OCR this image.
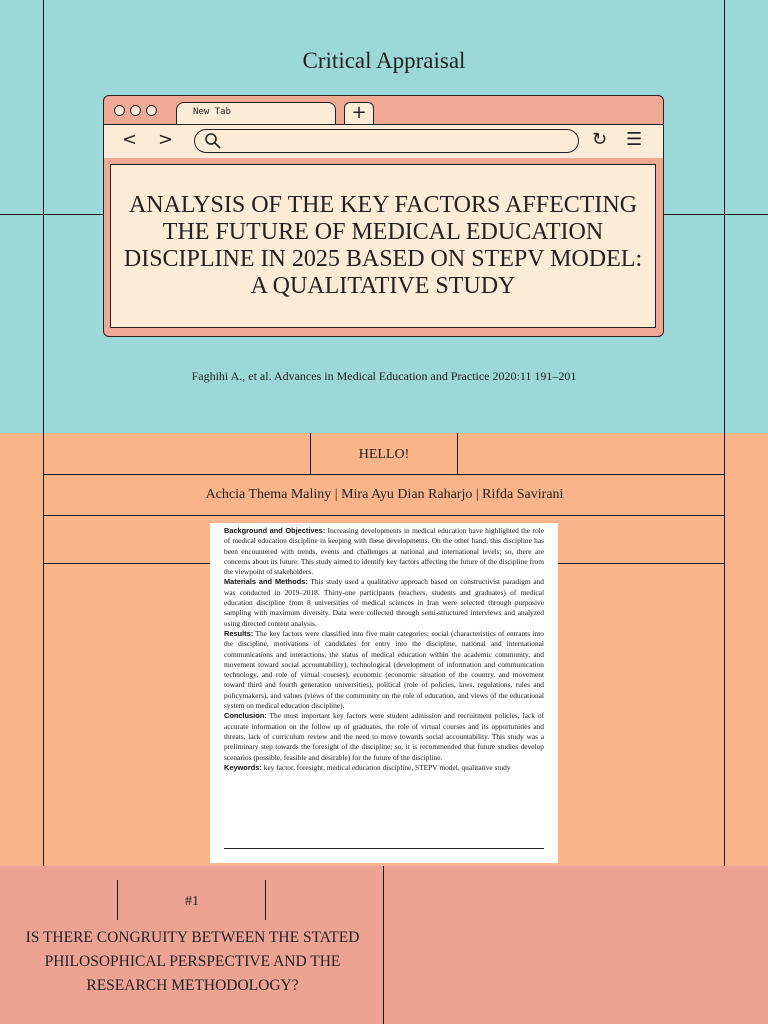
Critical Appraisal
New Tab	+
< >	↻ ☰
ANALYSIS OF THE KEY FACTORS AFFECTING THE FUTURE OF MEDICAL EDUCATION DISCIPLINE IN 2025 BASED ON STEPV MODEL: A QUALITATIVE STUDY
Faghihi A., et al. Advances in Medical Education and Practice 2020:11 191–201
HELLO!
Achcia Thema Maliny | Mira Ayu Dian Raharjo | Rifda Savirani

Background and Objectives: Increasing developments in medical education have highlighted the role of medical education discipline in keeping with these developments. On the other hand, this discipline has been encountered with trends, events and challenges at national and international levels; so, there are concerns about its future. This study aimed to identify key factors affecting the future of the discipline from the viewpoint of stakeholders.

Materials and Methods: This study used a qualitative approach based on constructivist paradigm and was conducted in 2019–2018. Thirty-one participants (teachers, students and graduates) of medical education discipline from 8 universities of medical sciences in Iran were selected through purposive sampling with maximum diversity. Data were collected through semi-structured interviews and analyzed using directed content analysis.

Results: The key factors were classified into five main categories: social (characteristics of entrants into the discipline, motivations of candidates for entry into the discipline, national and international communications and interactions, the status of medical education within the academic community, and movement toward social accountability), technological (development of information and communication technology, and role of virtual courses), economic (economic situation of the country, and movement toward third and fourth generation universities), political (role of policies, laws, regulations, rules and policymakers), and values (views of the community on the role of education, and views of the educational system on medical education discipline).

Conclusion: The most important key factors were student admission and recruitment policies, lack of accurate information on the follow up of graduates, the role of virtual courses and its opportunities and threats, lack of curriculum review and the need to move towards social accountability. This study was a preliminary step towards the foresight of the discipline; so, it is recommended that future studies develop scenarios (possible, feasible and desirable) for the future of the discipline.

Keywords: key factor, foresight, medical education discipline, STEPV model, qualitative study

#1
IS THERE CONGRUITY BETWEEN THE STATED PHILOSOPHICAL PERSPECTIVE AND THE RESEARCH METHODOLOGY?
